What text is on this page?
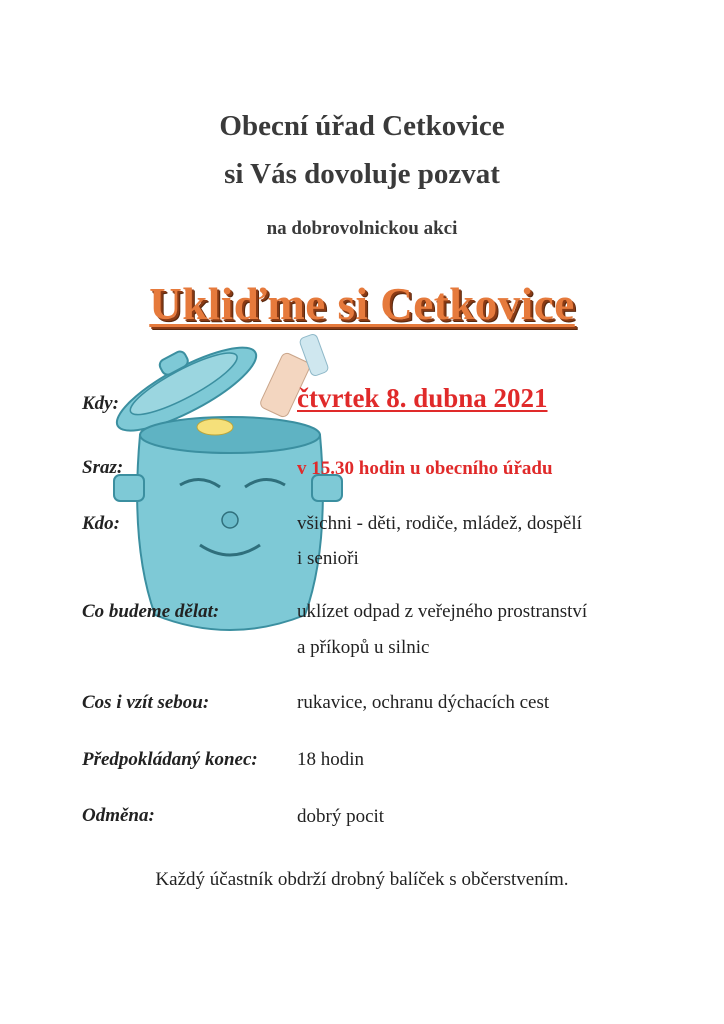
Obecní úřad Cetkovice
si Vás dovoluje pozvat
na dobrovolnickou akci
Ukliďme si Cetkovice
Kdy:	čtvrtek 8. dubna 2021
Sraz:	v 15.30 hodin u obecního úřadu
Kdo:	všichni - děti, rodiče, mládež, dospělí
i senioři
Co budeme dělat:	uklízet odpad z veřejného prostranství
a příkopů u silnic
Cos i vzít sebou:	rukavice, ochranu dýchacích cest
Předpokládaný konec: 18 hodin
Odměna:	dobrý pocit
Každý účastník obdrží drobný balíček s občerstvením.
